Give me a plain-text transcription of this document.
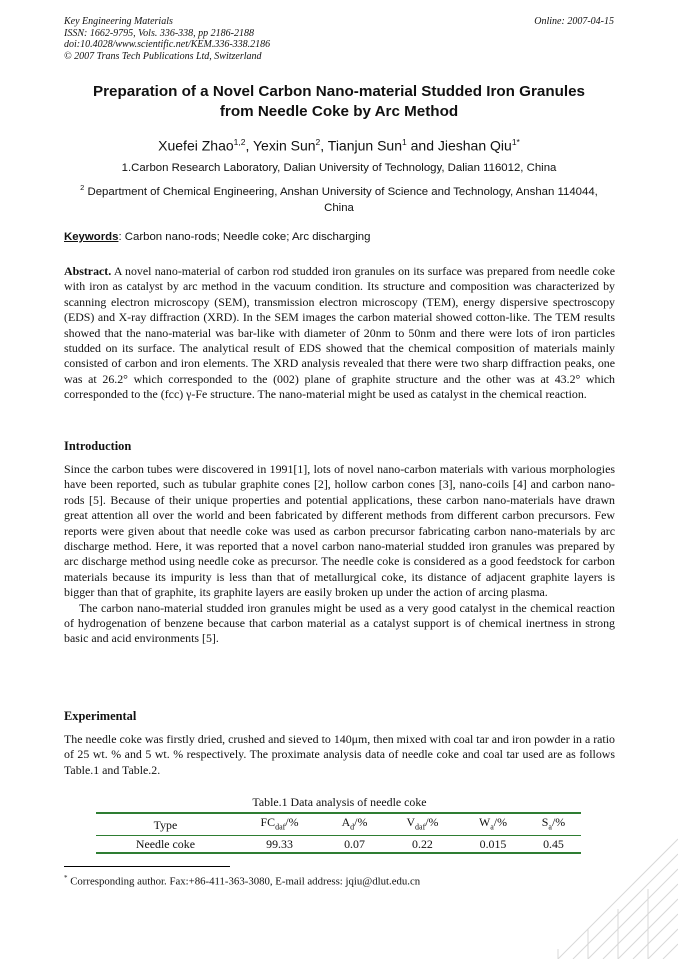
Key Engineering Materials
ISSN: 1662-9795, Vols. 336-338, pp 2186-2188
doi:10.4028/www.scientific.net/KEM.336-338.2186
© 2007 Trans Tech Publications Ltd, Switzerland
Online: 2007-04-15
Preparation of a Novel Carbon Nano-material Studded Iron Granules
from Needle Coke by Arc Method
Xuefei Zhao$^{1,2}$, Yexin Sun$^2$, Tianjun Sun$^1$ and Jieshan Qiu$^{1*}$
1.Carbon Research Laboratory, Dalian University of Technology, Dalian 116012, China
$^2$ Department of Chemical Engineering, Anshan University of Science and Technology, Anshan 114044, China
Keywords: Carbon nano-rods; Needle coke; Arc discharging
Abstract. A novel nano-material of carbon rod studded iron granules on its surface was prepared from needle coke with iron as catalyst by arc method in the vacuum condition. Its structure and composition was characterized by scanning electron microscopy (SEM), transmission electron microscopy (TEM), energy dispersive spectroscopy (EDS) and X-ray diffraction (XRD). In the SEM images the carbon material showed cotton-like. The TEM results showed that the nano-material was bar-like with diameter of 20nm to 50nm and there were lots of iron particles studded on its surface. The analytical result of EDS showed that the chemical composition of materials mainly consisted of carbon and iron elements. The XRD analysis revealed that there were two sharp diffraction peaks, one was at 26.2° which corresponded to the (002) plane of graphite structure and the other was at 43.2° which corresponded to the (fcc) γ-Fe structure. The nano-material might be used as catalyst in the chemical reaction.
Introduction
Since the carbon tubes were discovered in 1991[1], lots of novel nano-carbon materials with various morphologies have been reported, such as tubular graphite cones [2], hollow carbon cones [3], nano-coils [4] and carbon nano-rods [5]. Because of their unique properties and potential applications, these carbon nano-materials have drawn great attention all over the world and been fabricated by different methods from different carbon precursors. Few reports were given about that needle coke was used as carbon precursor fabricating carbon nano-materials by arc discharge method. Here, it was reported that a novel carbon nano-material studded iron granules was prepared by arc discharge method using needle coke as precursor. The needle coke is considered as a good feedstock for carbon materials because its impurity is less than that of metallurgical coke, its distance of adjacent graphite layers is bigger than that of graphite, its graphite layers are easily broken up under the action of arcing plasma.
The carbon nano-material studded iron granules might be used as a very good catalyst in the chemical reaction of hydrogenation of benzene because that carbon material as a catalyst support is of chemical inertness in strong basic and acid environments [5].
Experimental
The needle coke was firstly dried, crushed and sieved to 140μm, then mixed with coal tar and iron powder in a ratio of 25 wt. % and 5 wt. % respectively. The proximate analysis data of needle coke and coal tar used are as follows Table.1 and Table.2.
Table.1 Data analysis of needle coke
Type	$FC_{daf}/\%$	$A_d/\%$	$V_{daf}/\%$	$W_a/\%$	$S_a/\%$
Needle coke	99.33	0.07	0.22	0.015	0.45
* Corresponding author. Fax:+86-411-363-3080, E-mail address: jqiu@dlut.edu.cn
